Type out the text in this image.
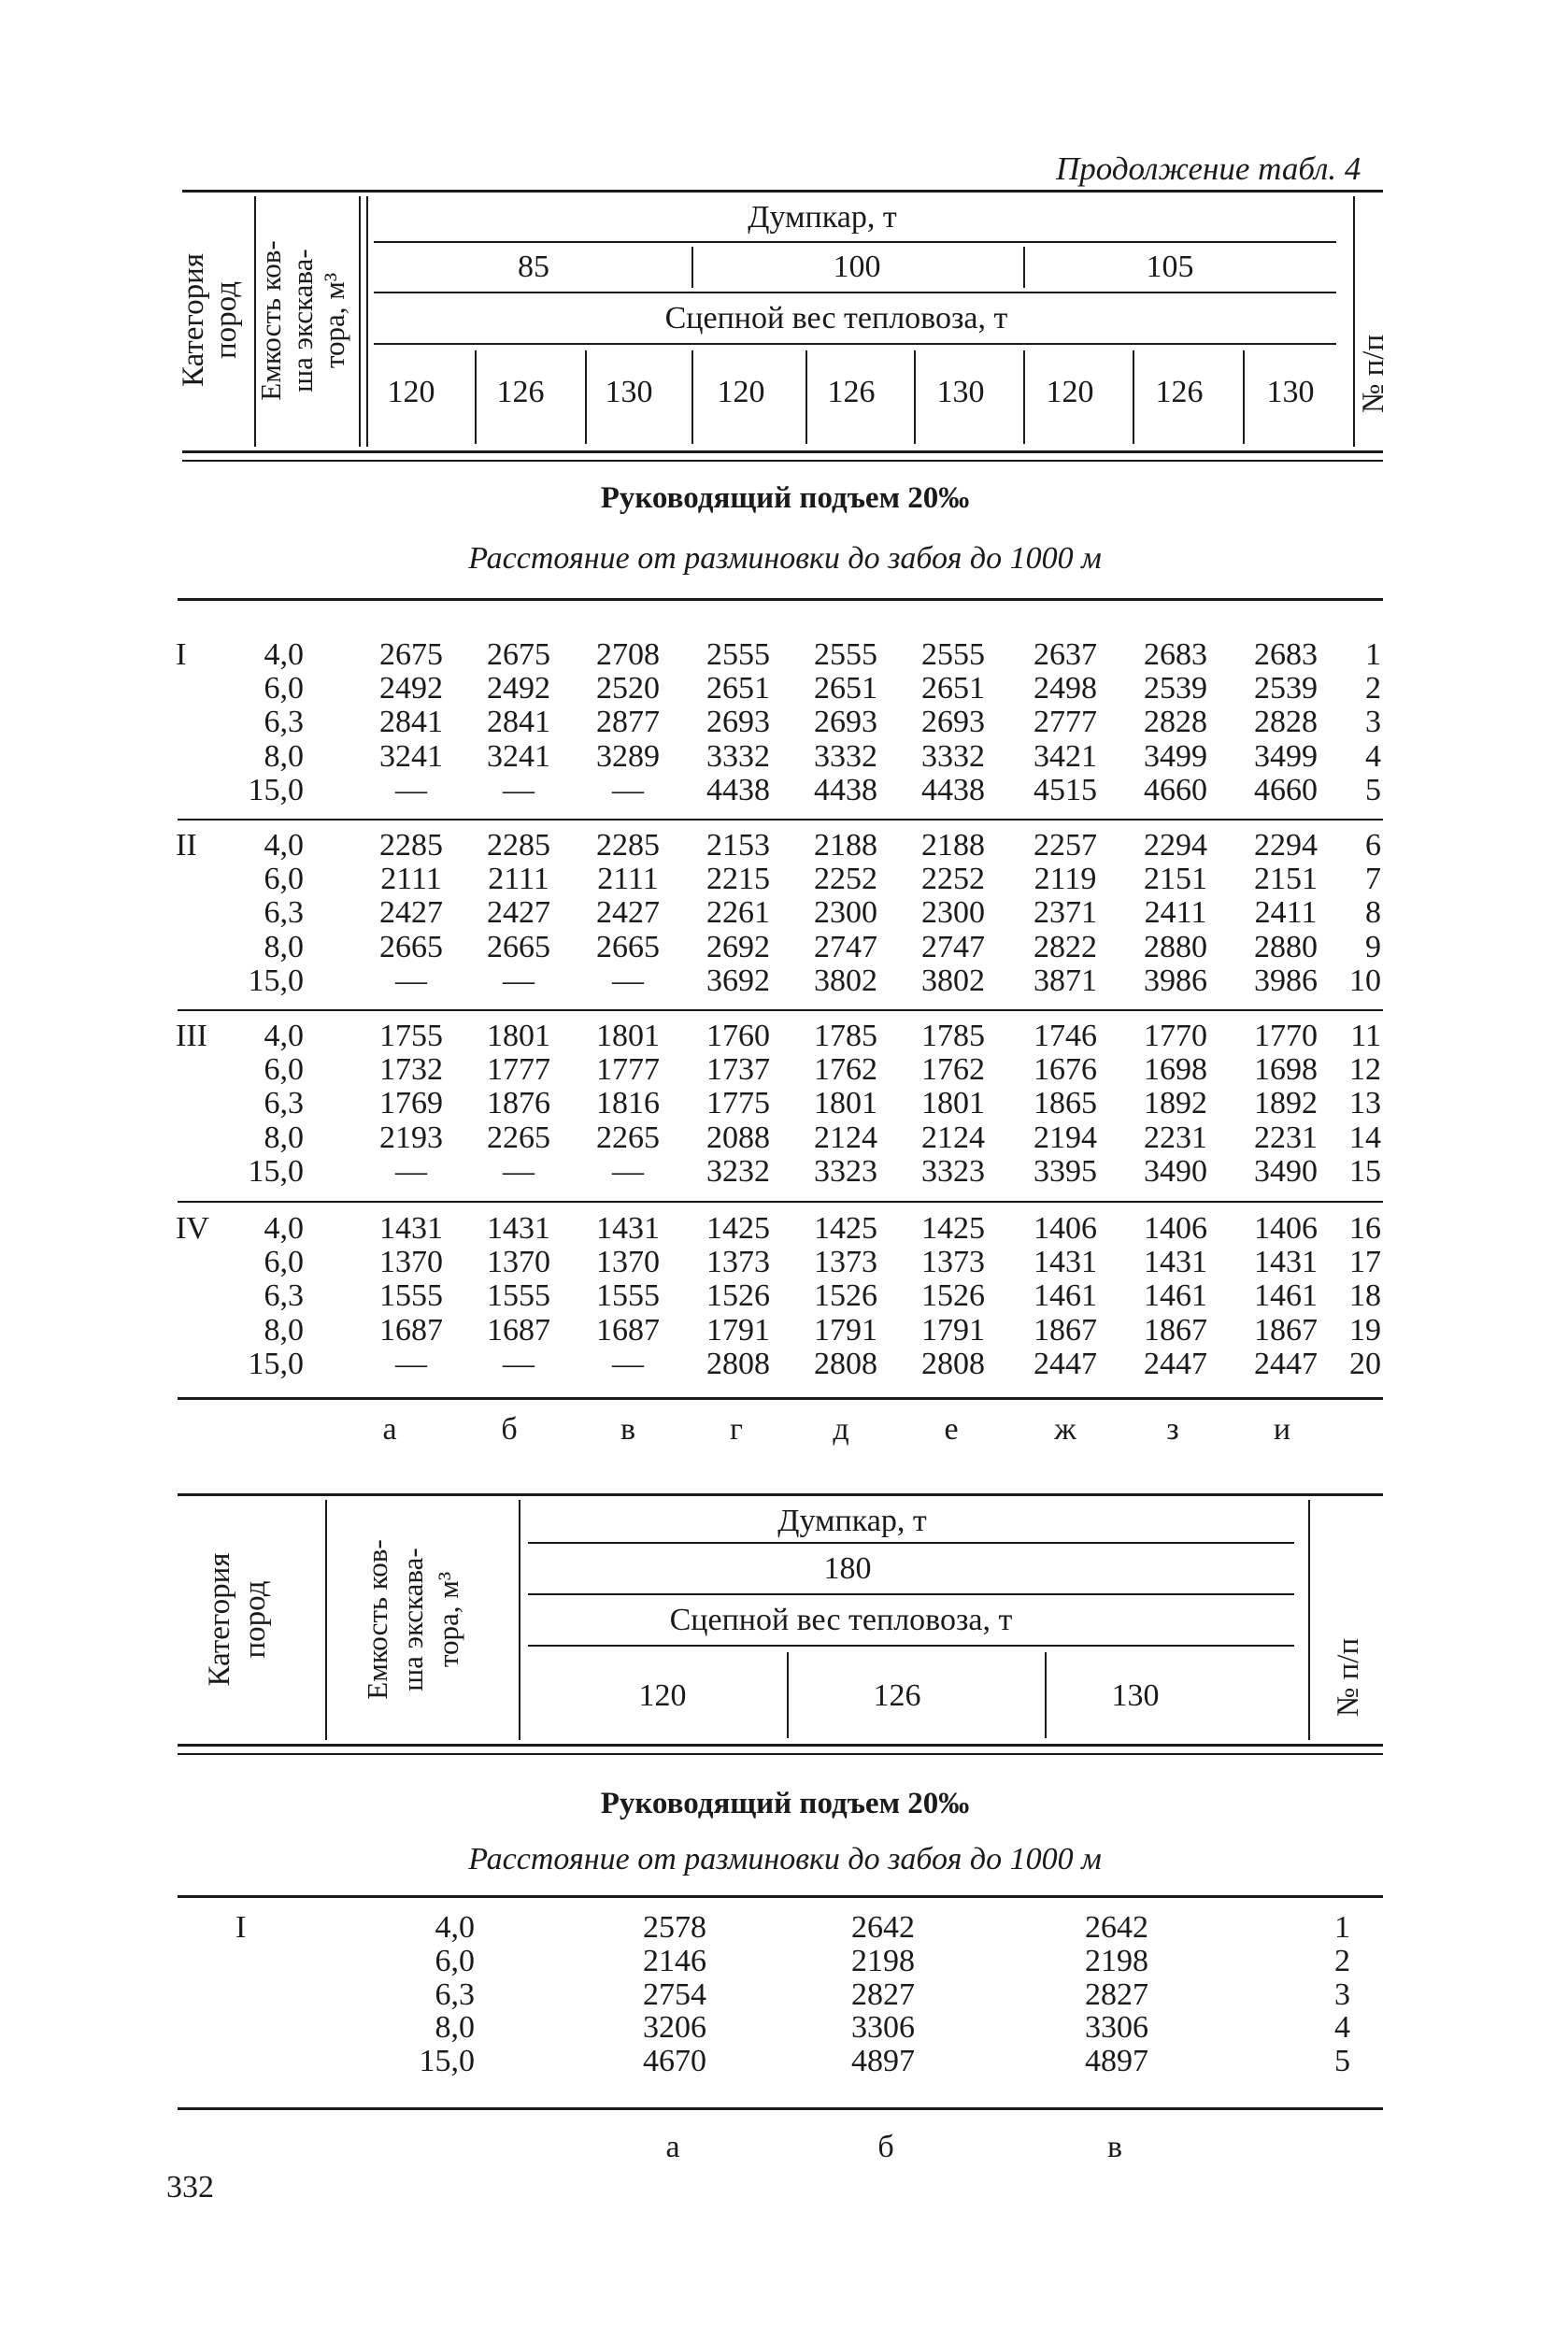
Продолжение табл. 4
Категория пород Емкость ков- ша экскава- тора, м³
№ п/п
Думпкар, т
85	100	105
Сцепной вес тепловоза, т
120 126 130 120 126 130 120 126 130
Руководящий подъем 20‰
Расстояние от разминовки до забоя до 1000 м
I 4,0 2675 2675 2708 2555 2555 2555 2637 2683 2683 1
6,0 2492 2492 2520 2651 2651 2651 2498 2539 2539 2
6,3 2841 2841 2877 2693 2693 2693 2777 2828 2828 3
8,0 3241 3241 3289 3332 3332 3332 3421 3499 3499 4
15,0	— — — 4438 4438 4438 4515 4660 4660 5
II 4,0 2285 2285 2285 2153 2188 2188 2257 2294 2294 6
6,0 2111 2111 2111 2215 2252 2252 2119 2151 2151 7
6,3 2427 2427 2427 2261 2300 2300 2371 2411 2411 8
8,0 2665 2665 2665 2692 2747 2747 2822 2880 2880 9
15,0	— — — 3692 3802 3802 3871 3986 3986 10
III 4,0 1755 1801 1801 1760 1785 1785 1746 1770 1770 11
6,0 1732 1777 1777 1737 1762 1762 1676 1698 1698 12
6,3 1769 1876 1816 1775 1801 1801 1865 1892 1892 13
8,0 2193 2265 2265 2088 2124 2124 2194 2231 2231 14
15,0	— — — 3232 3323 3323 3395 3490 3490 15
IV 4,0 1431 1431 1431 1425 1425 1425 1406 1406 1406 16
6,0 1370 1370 1370 1373 1373 1373 1431 1431 1431 17
6,3 1555 1555 1555 1526 1526 1526 1461 1461 1461 18
8,0 1687 1687 1687 1791 1791 1791 1867 1867 1867 19
15,0	— — — 2808 2808 2808 2447 2447 2447 20
а	б	в	г	д	е	ж	з	и
Категория пород	Емкость ков- ша экскава- тора, м³
№ п/п
Думпкар, т
180
Сцепной вес тепловоза, т
120	126	130
Руководящий подъем 20‰
Расстояние от разминовки до забоя до 1000 м
I	4,0	2578	2642	2642	1
6,0	2146	2198	2198	2
6,3	2754	2827	2827	3
8,0	3206	3306	3306	4
15,0	4670	4897	4897	5
а	б	в
332
